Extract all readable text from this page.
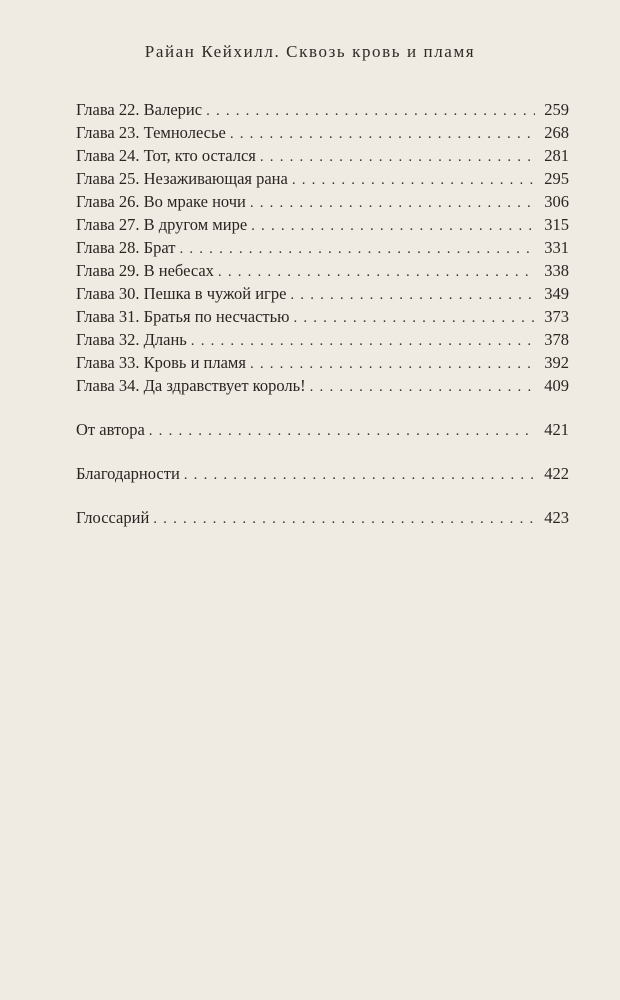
Райан Кейхилл. Сквозь кровь и пламя
Глава 22. Валерис . . .	259
Глава 23. Темнолесье . . .	268
Глава 24. Тот, кто остался . . .	281
Глава 25. Незаживающая рана . . .	295
Глава 26. Во мраке ночи . . .	306
Глава 27. В другом мире . . .	315
Глава 28. Брат . . .	331
Глава 29. В небесах . . .	338
Глава 30. Пешка в чужой игре . . .	349
Глава 31. Братья по несчастью . . .	373
Глава 32. Длань . . .	378
Глава 33. Кровь и пламя . . .	392
Глава 34. Да здравствует король! . . .	409
От автора . . .	421
Благодарности . . .	422
Глоссарий . . .	423
